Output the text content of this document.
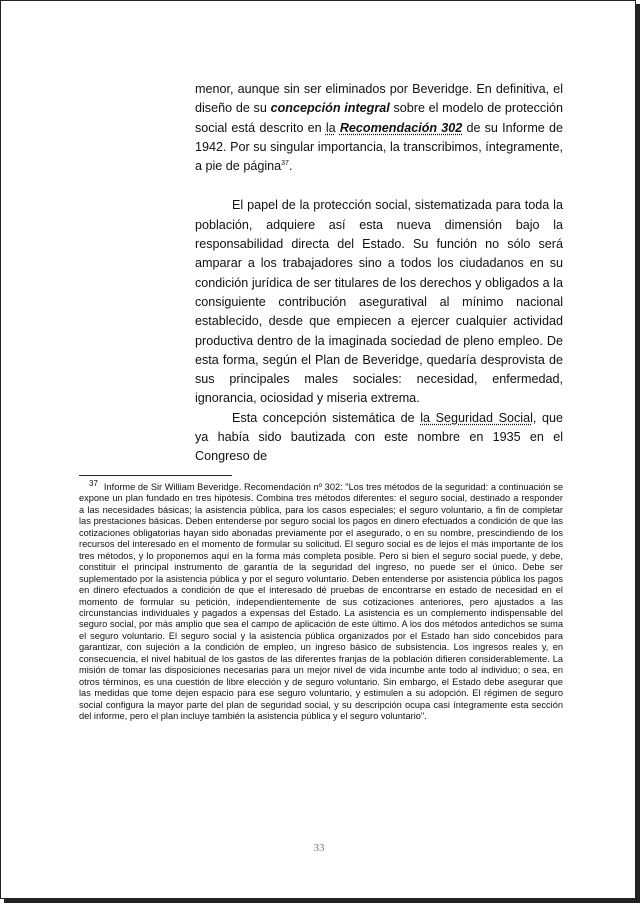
menor, aunque sin ser eliminados por Beveridge. En definitiva, el diseño de su concepción integral sobre el modelo de protección social está descrito en la Recomendación 302 de su Informe de 1942. Por su singular importancia, la transcribimos, íntegramente, a pie de página$^{37}$.

El papel de la protección social, sistematizada para toda la población, adquiere así esta nueva dimensión bajo la responsabilidad directa del Estado. Su función no sólo será amparar a los trabajadores sino a todos los ciudadanos en su condición jurídica de ser titulares de los derechos y obligados a la consiguiente contribución aseguratival al mínimo nacional establecido, desde que empiecen a ejercer cualquier actividad productiva dentro de la imaginada sociedad de pleno empleo. De esta forma, según el Plan de Beveridge, quedaría desprovista de sus principales males sociales: necesidad, enfermedad, ignorancia, ociosidad y miseria extrema.

Esta concepción sistemática de la Seguridad Social, que ya había sido bautizada con este nombre en 1935 en el Congreso de

37 Informe de Sir William Beveridge. Recomendación nº 302: "Los tres métodos de la seguridad: a continuación se expone un plan fundado en tres hipótesis. Combina tres métodos diferentes: el seguro social, destinado a responder a las necesidades básicas; la asistencia pública, para los casos especiales; el seguro voluntario, a fin de completar las prestaciones básicas. Deben entenderse por seguro social los pagos en dinero efectuados a condición de que las cotizaciones obligatorias hayan sido abonadas previamente por el asegurado, o en su nombre, prescindiendo de los recursos del interesado en el momento de formular su solicitud. El seguro social es de lejos el más importante de los tres métodos, y lo proponemos aquí en la forma más completa posible. Pero si bien el seguro social puede, y debe, constituir el principal instrumento de garantía de la seguridad del ingreso, no puede ser el único. Debe ser suplementado por la asistencia pública y por el seguro voluntario. Deben entenderse por asistencia pública los pagos en dinero efectuados a condición de que el interesado dé pruebas de encontrarse en estado de necesidad en el momento de formular su petición, independientemente de sus cotizaciones anteriores, pero ajustados a las circunstancias individuales y pagados a expensas del Estado. La asistencia es un complemento indispensable del seguro social, por más amplio que sea el campo de aplicación de este último. A los dos métodos antedichos se suma el seguro voluntario. El seguro social y la asistencia pública organizados por el Estado han sido concebidos para garantizar, con sujeción a la condición de empleo, un ingreso básico de subsistencia. Los ingresos reales y, en consecuencia, el nivel habitual de los gastos de las diferentes franjas de la población difieren considerablemente. La misión de tomar las disposiciones necesarias para un mejor nivel de vida incumbe ante todo al individuo; o sea, en otros términos, es una cuestión de libre elección y de seguro voluntario. Sin embargo, el Estado debe asegurar que las medidas que tome dejen espacio para ese seguro voluntario, y estimulen a su adopción. El régimen de seguro social configura la mayor parte del plan de seguridad social, y su descripción ocupa casi íntegramente esta sección del informe, pero el plan incluye también la asistencia pública y el seguro voluntario".

33
